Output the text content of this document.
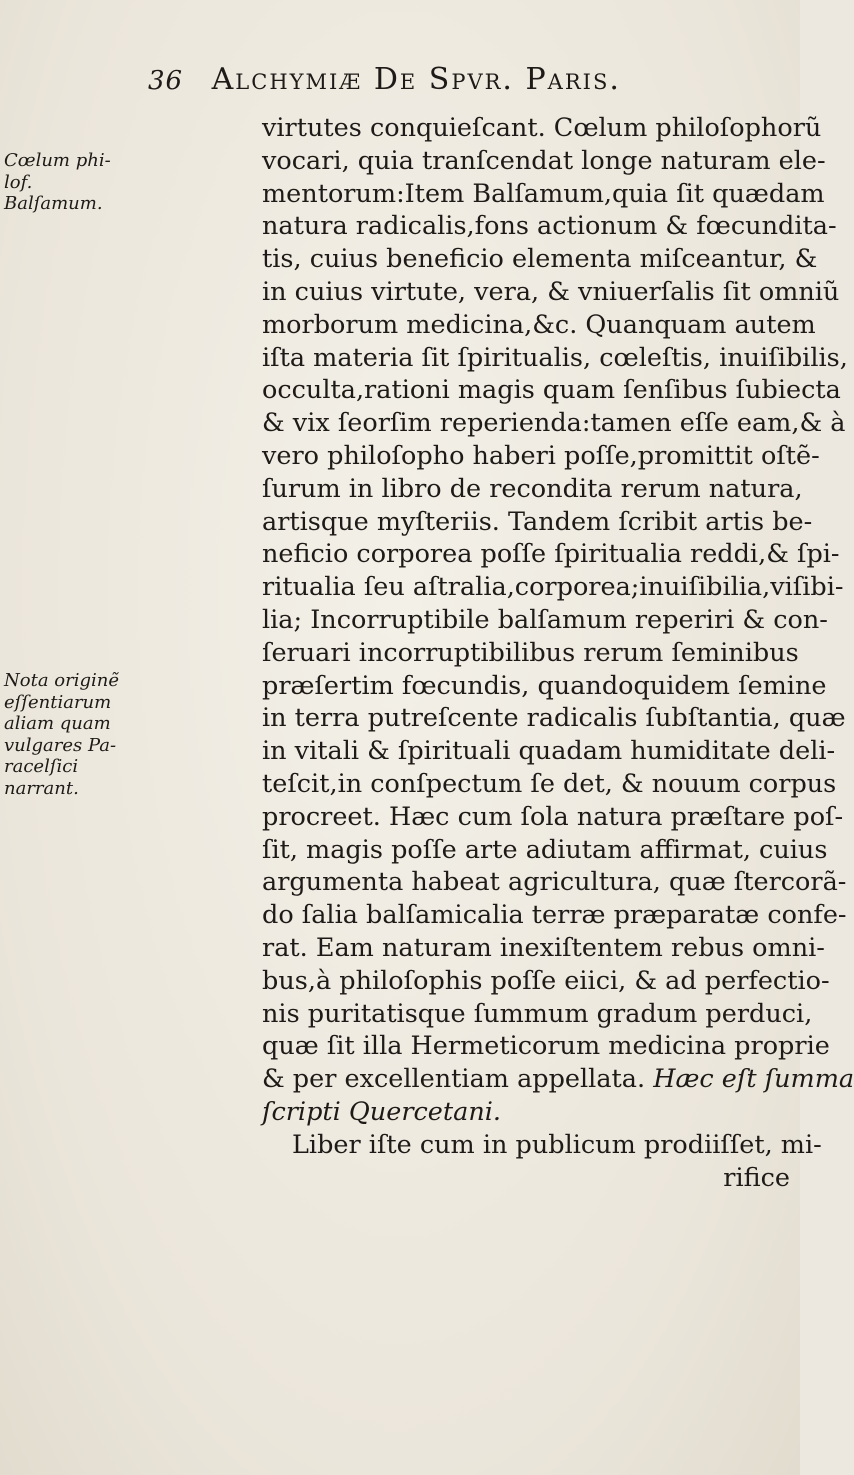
36 Alchymiæ De Spvr. Paris.
Cœlum phi-
lof.
Balſamum.
Nota originẽ
eſſentiarum
aliam quam
vulgares Pa-
racelſici
narrant.
virtutes conquieſcant. Cœlum philoſophorũ
vocari, quia tranſcendat longe naturam ele-
mentorum:Item Balſamum,quia ſit quædam
natura radicalis,fons actionum & fœcundita-
tis, cuius beneficio elementa miſceantur, &
in cuius virtute, vera, & vniuerſalis ſit omniũ
morborum medicina,&c. Quanquam autem
iſta materia ſit ſpiritualis, cœleſtis, inuiſibilis,
occulta,rationi magis quam ſenſibus ſubiecta
& vix ſeorſim reperienda:tamen eſſe eam,& à
vero philoſopho haberi poſſe,promittit oſtẽ-
ſurum in libro de recondita rerum natura,
artisque myſteriis. Tandem ſcribit artis be-
neficio corporea poſſe ſpiritualia reddi,& ſpi-
ritualia ſeu aſtralia,corporea;inuiſibilia,viſibi-
lia; Incorruptibile balſamum reperiri & con-
ſeruari incorruptibilibus rerum ſeminibus
præſertim fœcundis, quandoquidem ſemine
in terra putreſcente radicalis ſubſtantia, quæ
in vitali & ſpirituali quadam humiditate deli-
teſcit,in conſpectum ſe det, & nouum corpus
procreet. Hæc cum ſola natura præſtare poſ-
ſit, magis poſſe arte adiutam affirmat, cuius
argumenta habeat agricultura, quæ ſtercorã-
do ſalia balſamicalia terræ præparatæ confe-
rat. Eam naturam inexiſtentem rebus omni-
bus,à philoſophis poſſe eiici, & ad perfectio-
nis puritatisque ſummum gradum perduci,
quæ ſit illa Hermeticorum medicina proprie
& per excellentiam appellata. Hæc eſt ſumma
ſcripti Quercetani.
Liber iſte cum in publicum prodiiſſet, mi-
rifice
